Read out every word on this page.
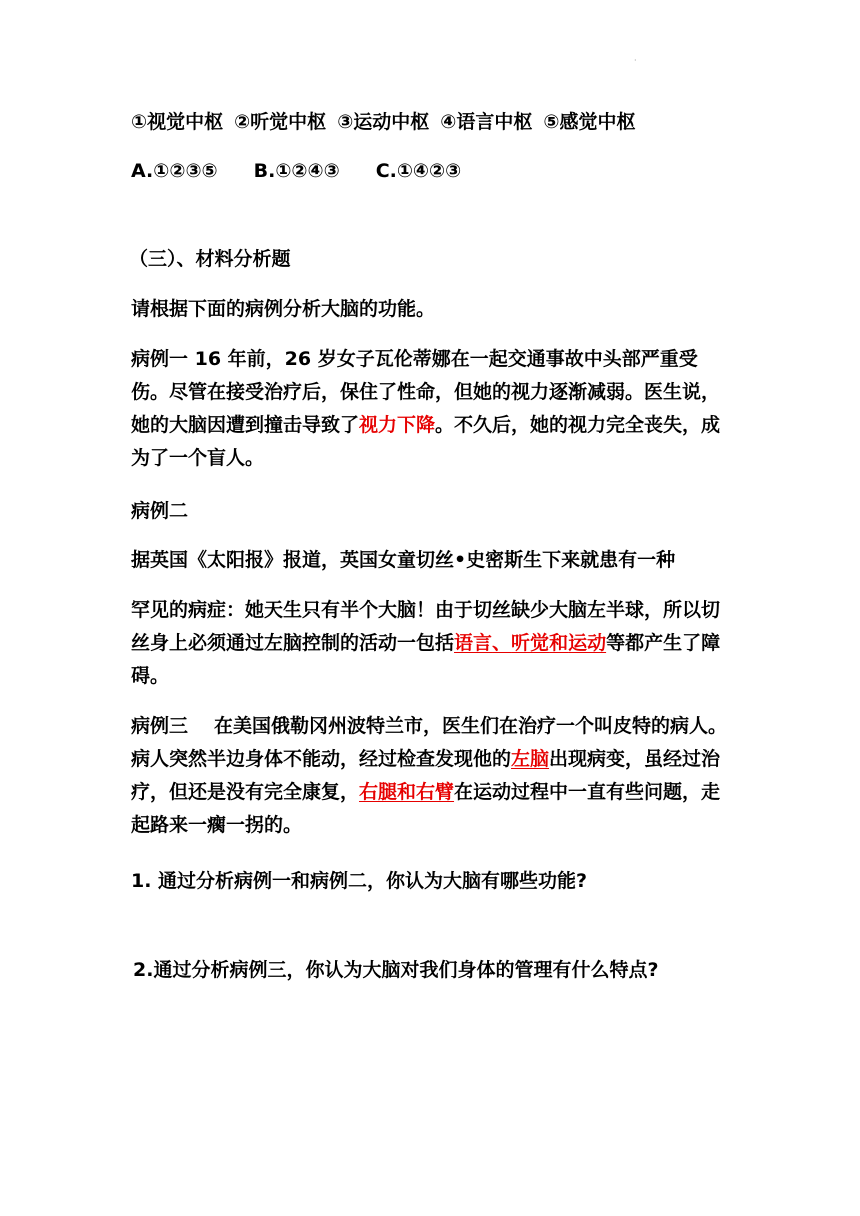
·
①视觉中枢 ②听觉中枢 ③运动中枢 ④语言中枢 ⑤感觉中枢
A.①②③⑤ B.①②④③ C.①④②③
（三）、材料分析题
请根据下面的病例分析大脑的功能。
病例一 16 年前，26 岁女子瓦伦蒂娜在一起交通事故中头部严重受伤。尽管在接受治疗后，保住了性命，但她的视力逐渐减弱。医生说，她的大脑因遭到撞击导致了视力下降。不久后，她的视力完全丧失，成为了一个盲人。
病例二
据英国《太阳报》报道，英国女童切丝•史密斯生下来就患有一种
罕见的病症：她天生只有半个大脑！由于切丝缺少大脑左半球，所以切丝身上必须通过左脑控制的活动一包括语言、听觉和运动等都产生了障碍。
病例三 在美国俄勒冈州波特兰市，医生们在治疗一个叫皮特的病人。病人突然半边身体不能动，经过检查发现他的左脑出现病变，虽经过治疗，但还是没有完全康复，右腿和右臂在运动过程中一直有些问题，走起路来一瘸一拐的。
1. 通过分析病例一和病例二，你认为大脑有哪些功能?
2.通过分析病例三，你认为大脑对我们身体的管理有什么特点?
